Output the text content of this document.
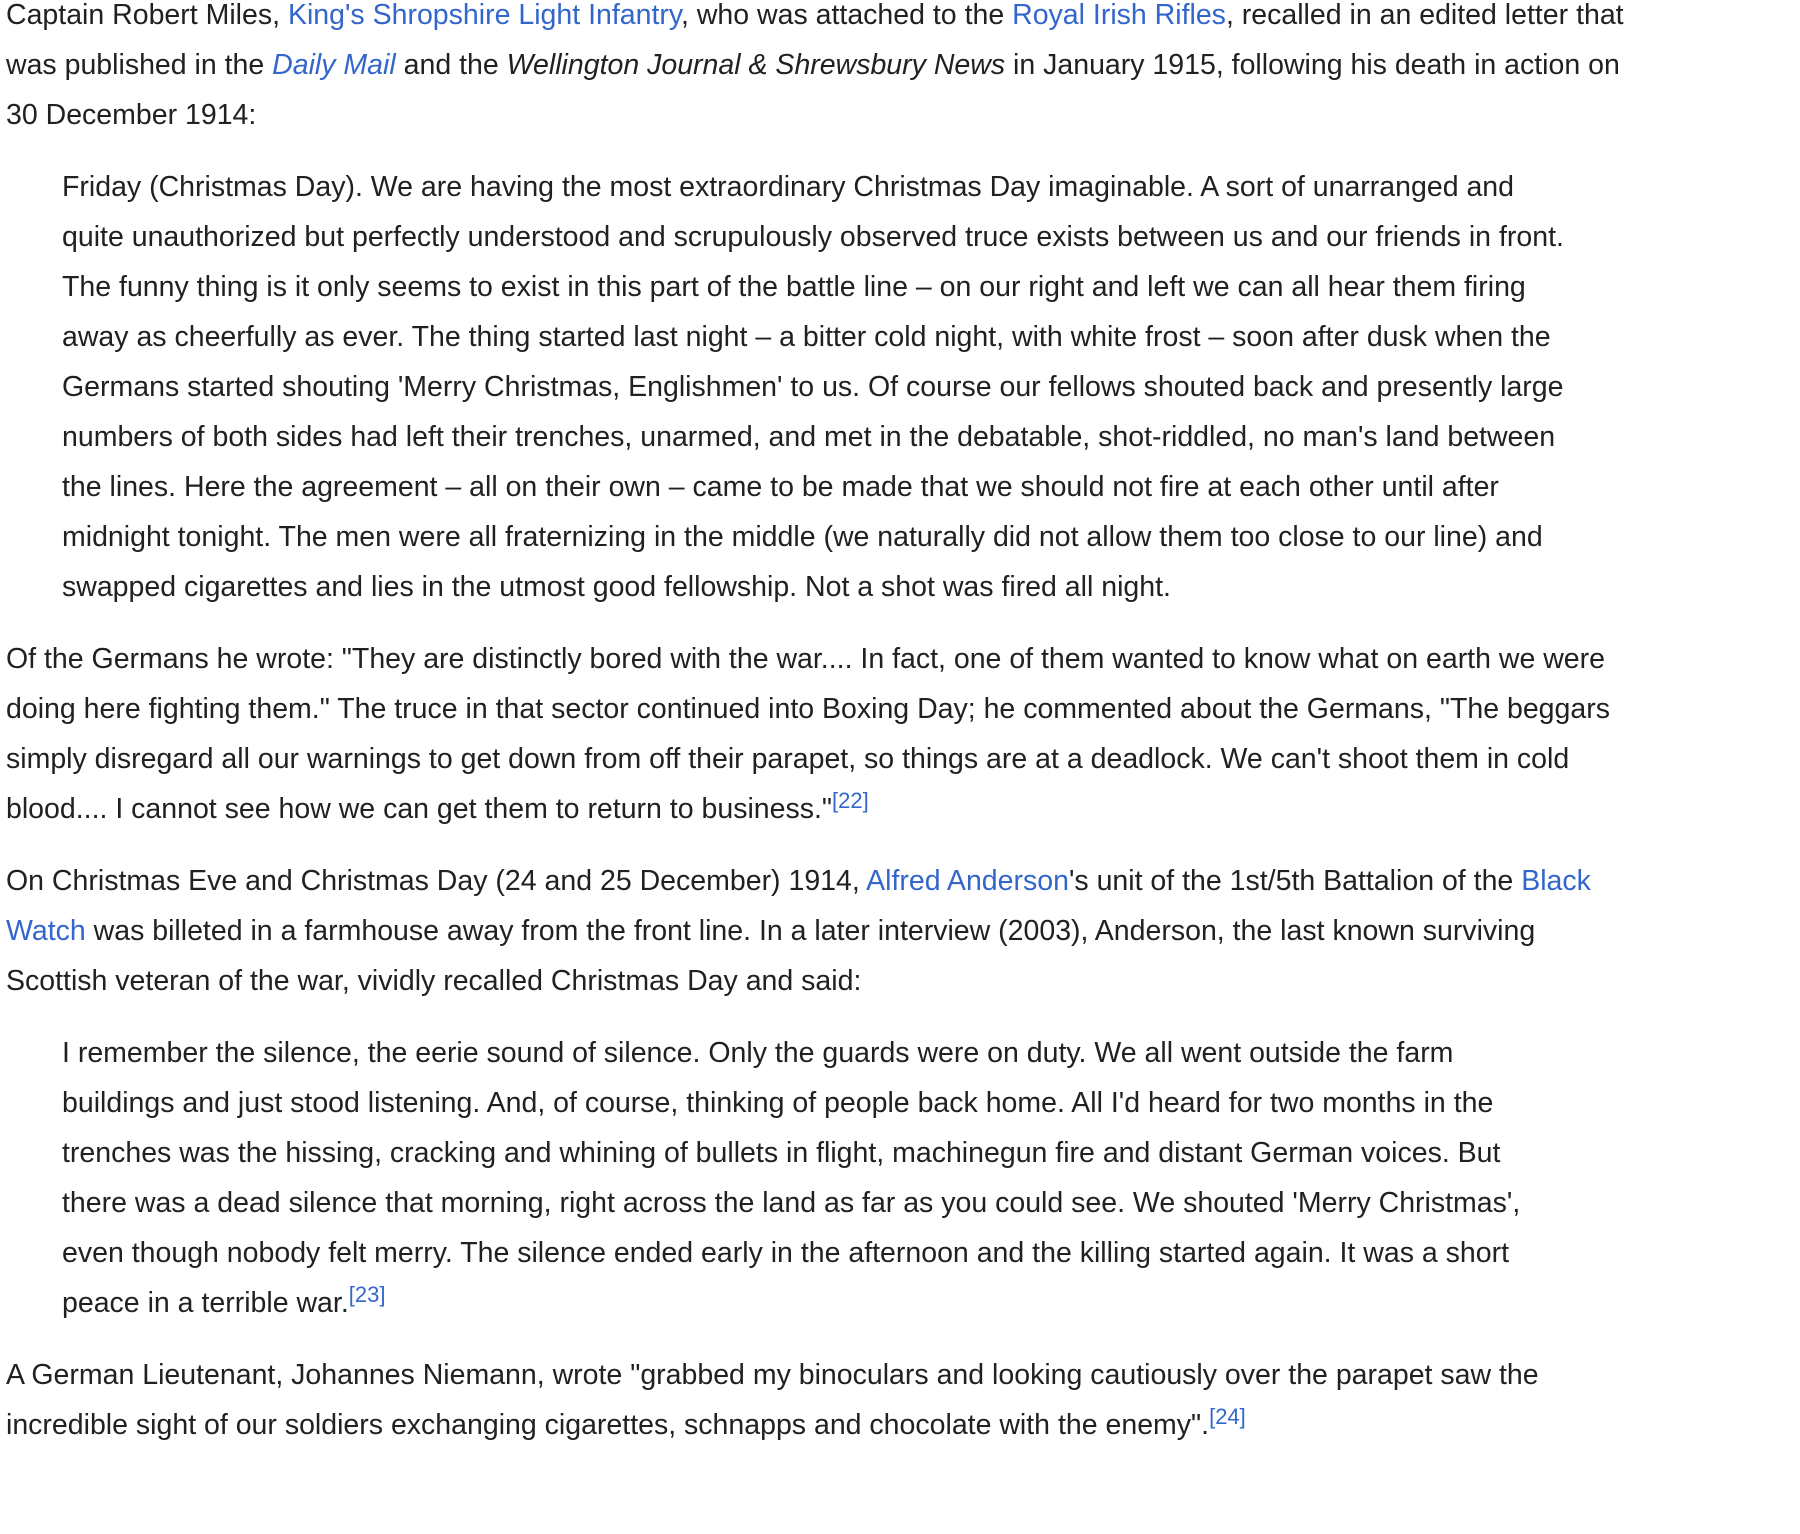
Captain Robert Miles, King's Shropshire Light Infantry, who was attached to the Royal Irish Rifles, recalled in an edited letter that
was published in the Daily Mail and the Wellington Journal & Shrewsbury News in January 1915, following his death in action on
30 December 1914:

Friday (Christmas Day). We are having the most extraordinary Christmas Day imaginable. A sort of unarranged and
quite unauthorized but perfectly understood and scrupulously observed truce exists between us and our friends in front.
The funny thing is it only seems to exist in this part of the battle line – on our right and left we can all hear them firing
away as cheerfully as ever. The thing started last night – a bitter cold night, with white frost – soon after dusk when the
Germans started shouting 'Merry Christmas, Englishmen' to us. Of course our fellows shouted back and presently large
numbers of both sides had left their trenches, unarmed, and met in the debatable, shot-riddled, no man's land between
the lines. Here the agreement – all on their own – came to be made that we should not fire at each other until after
midnight tonight. The men were all fraternizing in the middle (we naturally did not allow them too close to our line) and
swapped cigarettes and lies in the utmost good fellowship. Not a shot was fired all night.

Of the Germans he wrote: "They are distinctly bored with the war.... In fact, one of them wanted to know what on earth we were
doing here fighting them." The truce in that sector continued into Boxing Day; he commented about the Germans, "The beggars
simply disregard all our warnings to get down from off their parapet, so things are at a deadlock. We can't shoot them in cold
blood.... I cannot see how we can get them to return to business."[22]

On Christmas Eve and Christmas Day (24 and 25 December) 1914, Alfred Anderson's unit of the 1st/5th Battalion of the Black
Watch was billeted in a farmhouse away from the front line. In a later interview (2003), Anderson, the last known surviving
Scottish veteran of the war, vividly recalled Christmas Day and said:

I remember the silence, the eerie sound of silence. Only the guards were on duty. We all went outside the farm
buildings and just stood listening. And, of course, thinking of people back home. All I'd heard for two months in the
trenches was the hissing, cracking and whining of bullets in flight, machinegun fire and distant German voices. But
there was a dead silence that morning, right across the land as far as you could see. We shouted 'Merry Christmas',
even though nobody felt merry. The silence ended early in the afternoon and the killing started again. It was a short
peace in a terrible war.[23]

A German Lieutenant, Johannes Niemann, wrote "grabbed my binoculars and looking cautiously over the parapet saw the
incredible sight of our soldiers exchanging cigarettes, schnapps and chocolate with the enemy".[24]
